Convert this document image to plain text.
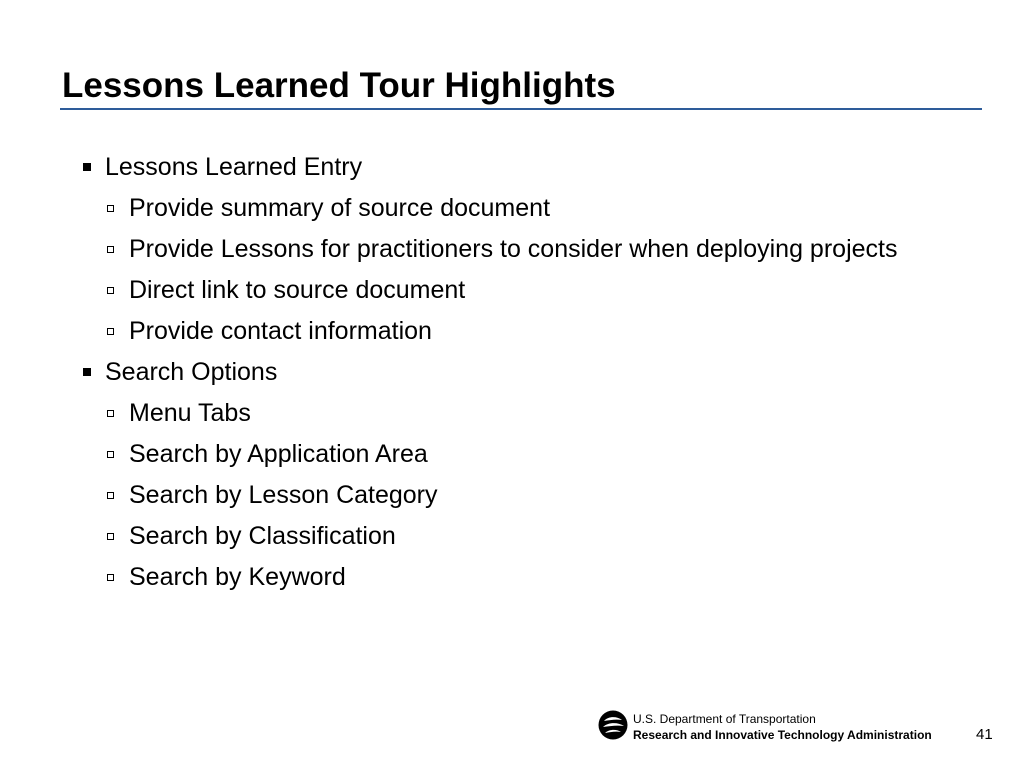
Lessons Learned Tour Highlights
Lessons Learned Entry
Provide summary of source document
Provide Lessons for practitioners to consider when deploying projects
Direct link to source document
Provide contact information
Search Options
Menu Tabs
Search by Application Area
Search by Lesson Category
Search by Classification
Search by Keyword
U.S. Department of Transportation
Research and Innovative Technology Administration	41
